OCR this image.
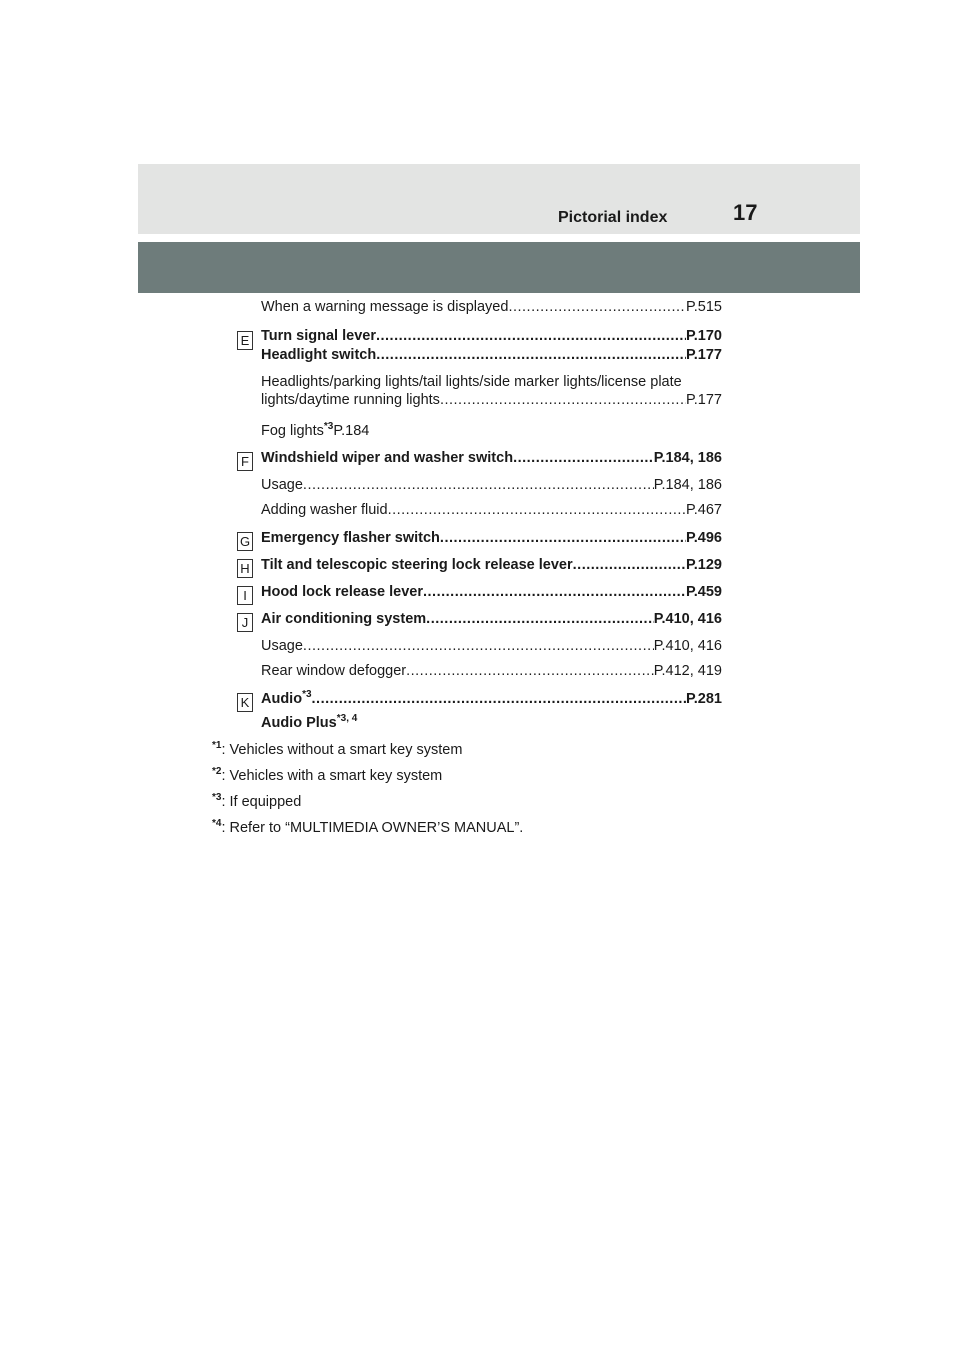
Pictorial index	17
When a warning message is displayed .....	P.515
E Turn signal lever .....	P.170
Headlight switch .....	P.177
Headlights/parking lights/tail lights/side marker lights/license plate
lights/daytime running lights .....	P.177
Fog lights$^{*3}$P.184
F Windshield wiper and washer switch .....	P.184, 186
Usage .....	P.184, 186
Adding washer fluid .....	P.467
G Emergency flasher switch .....	P.496
H Tilt and telescopic steering lock release lever .....	P.129
I Hood lock release lever .....	P.459
J Air conditioning system .....	P.410, 416
Usage .....	P.410, 416
Rear window defogger .....	P.412, 419
K Audio$^{*3}$ .....	P.281
Audio Plus$^{*3, 4}$
$^{*1}$: Vehicles without a smart key system
$^{*2}$: Vehicles with a smart key system
$^{*3}$: If equipped
$^{*4}$: Refer to “MULTIMEDIA OWNER’S MANUAL”.
